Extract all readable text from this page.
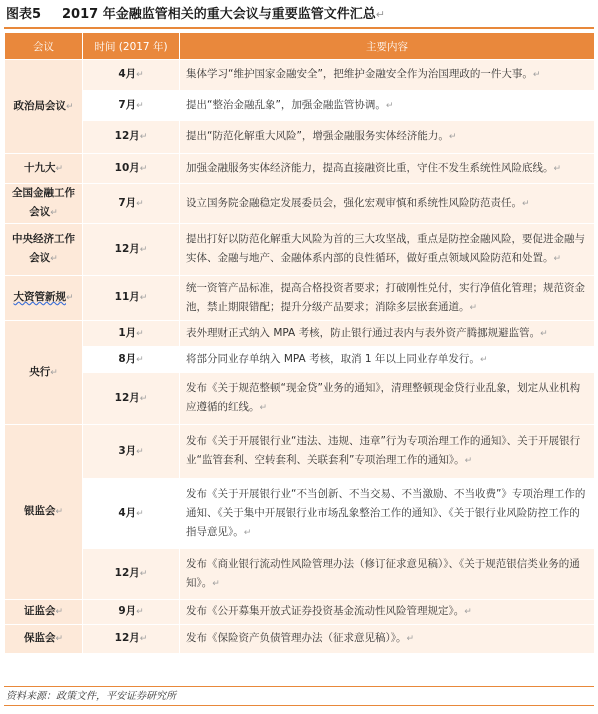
图表5 2017 年金融监管相关的重大会议与重要监管文件汇总↵
会议	时间 (2017 年)	主要内容
政治局会议↵	4月↵	集体学习“维护国家金融安全”，把维护金融安全作为治国理政的一件大事。↵
	7月↵	提出“整治金融乱象”，加强金融监管协调。↵
	12月↵	提出“防范化解重大风险”，增强金融服务实体经济能力。↵
十九大↵	10月↵	加强金融服务实体经济能力，提高直接融资比重，守住不发生系统性风险底线。↵
全国金融工作会议↵	7月↵	设立国务院金融稳定发展委员会，强化宏观审慎和系统性风险防范责任。↵
中央经济工作会议↵	12月↵	提出打好以防范化解重大风险为首的三大攻坚战，重点是防控金融风险，要促进金融与实体、金融与地产、金融体系内部的良性循环，做好重点领域风险防范和处置。↵
大资管新规↵	11月↵	统一资管产品标准，提高合格投资者要求；打破刚性兑付，实行净值化管理；规范资金池，禁止期限错配；提升分级产品要求；消除多层嵌套通道。↵
央行↵	1月↵	表外理财正式纳入 MPA 考核，防止银行通过表内与表外资产腾挪规避监管。↵
	8月↵	将部分同业存单纳入 MPA 考核，取消 1 年以上同业存单发行。↵
	12月↵	发布《关于规范整顿“现金贷”业务的通知》，清理整顿现金贷行业乱象，划定从业机构应遵循的红线。↵
银监会↵	3月↵	发布《关于开展银行业“违法、违规、违章”行为专项治理工作的通知》、关于开展银行业“监管套利、空转套利、关联套利”专项治理工作的通知》。↵
	4月↵	发布《关于开展银行业“不当创新、不当交易、不当激励、不当收费”》专项治理工作的通知、《关于集中开展银行业市场乱象整治工作的通知》、《关于银行业风险防控工作的指导意见》。↵
	12月↵	发布《商业银行流动性风险管理办法（修订征求意见稿）》、《关于规范银信类业务的通知》。↵
证监会↵	9月↵	发布《公开募集开放式证券投资基金流动性风险管理规定》。↵
保监会↵	12月↵	发布《保险资产负债管理办法（征求意见稿）》。↵
资料来源：政策文件，平安证券研究所
